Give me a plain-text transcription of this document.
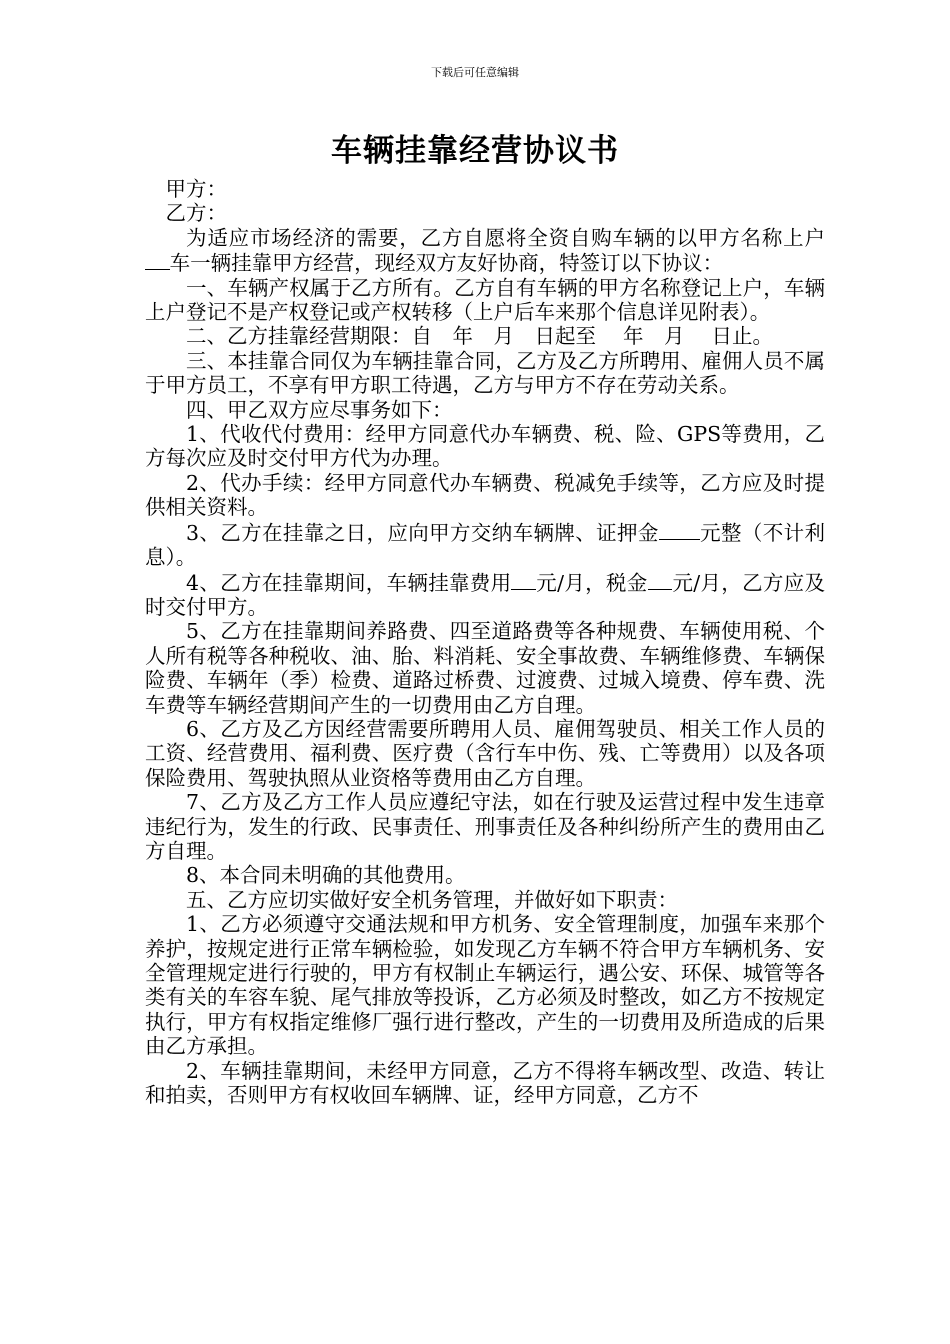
下载后可任意编辑
车辆挂靠经营协议书

甲方：

乙方：

为适应市场经济的需要，乙方自愿将全资自购车辆的以甲方名称上户车一辆挂靠甲方经营，现经双方友好协商，特签订以下协议：

一、车辆产权属于乙方所有。乙方自有车辆的甲方名称登记上户，车辆上户登记不是产权登记或产权转移（上户后车来那个信息详见附表）。

二、乙方挂靠经营期限：自　年　月　日起至　 年　月　 日止。

三、本挂靠合同仅为车辆挂靠合同，乙方及乙方所聘用、雇佣人员不属于甲方员工，不享有甲方职工待遇，乙方与甲方不存在劳动关系。

四、甲乙双方应尽事务如下：

1、代收代付费用：经甲方同意代办车辆费、税、险、GPS等费用，乙方每次应及时交付甲方代为办理。

2、代办手续：经甲方同意代办车辆费、税减免手续等，乙方应及时提供相关资料。

3、乙方在挂靠之日，应向甲方交纳车辆牌、证押金 元整（不计利息）。

4、乙方在挂靠期间，车辆挂靠费用 元/月，税金 元/月，乙方应及时交付甲方。

5、乙方在挂靠期间养路费、四至道路费等各种规费、车辆使用税、个人所有税等各种税收、油、胎、料消耗、安全事故费、车辆维修费、车辆保险费、车辆年（季）检费、道路过桥费、过渡费、过城入境费、停车费、洗车费等车辆经营期间产生的一切费用由乙方自理。

6、乙方及乙方因经营需要所聘用人员、雇佣驾驶员、相关工作人员的工资、经营费用、福利费、医疗费（含行车中伤、残、亡等费用）以及各项保险费用、驾驶执照从业资格等费用由乙方自理。

7、乙方及乙方工作人员应遵纪守法，如在行驶及运营过程中发生违章违纪行为，发生的行政、民事责任、刑事责任及各种纠纷所产生的费用由乙方自理。

8、本合同未明确的其他费用。

五、乙方应切实做好安全机务管理，并做好如下职责：

1、乙方必须遵守交通法规和甲方机务、安全管理制度，加强车来那个养护，按规定进行正常车辆检验，如发现乙方车辆不符合甲方车辆机务、安全管理规定进行行驶的，甲方有权制止车辆运行，遇公安、环保、城管等各类有关的车容车貌、尾气排放等投诉，乙方必须及时整改，如乙方不按规定执行，甲方有权指定维修厂强行进行整改，产生的一切费用及所造成的后果由乙方承担。

2、车辆挂靠期间，未经甲方同意，乙方不得将车辆改型、改造、转让和拍卖，否则甲方有权收回车辆牌、证，经甲方同意，乙方不
